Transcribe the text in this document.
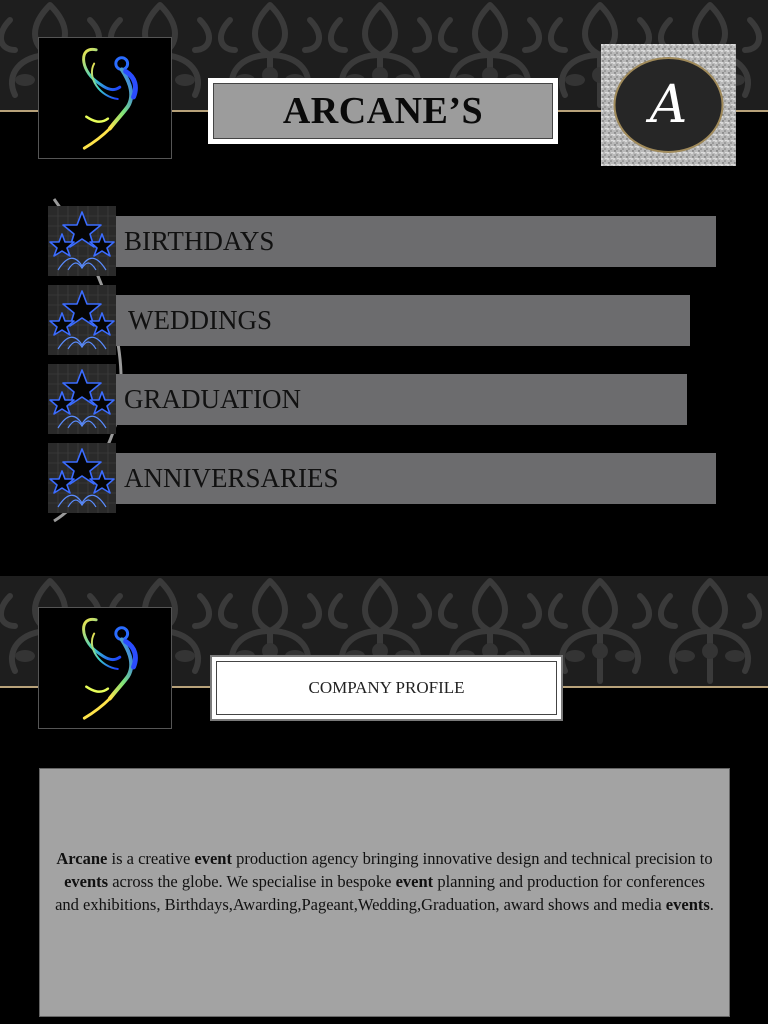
ARCANE’S	A
BIRTHDAYS
WEDDINGS
GRADUATION
ANNIVERSARIES
COMPANY PROFILE

Arcane is a creative event production agency bringing innovative design and technical precision to events across the globe. We specialise in bespoke event planning and production for conferences and exhibitions, Birthdays,Awarding,Pageant,Wedding,Graduation, award shows and media events.
